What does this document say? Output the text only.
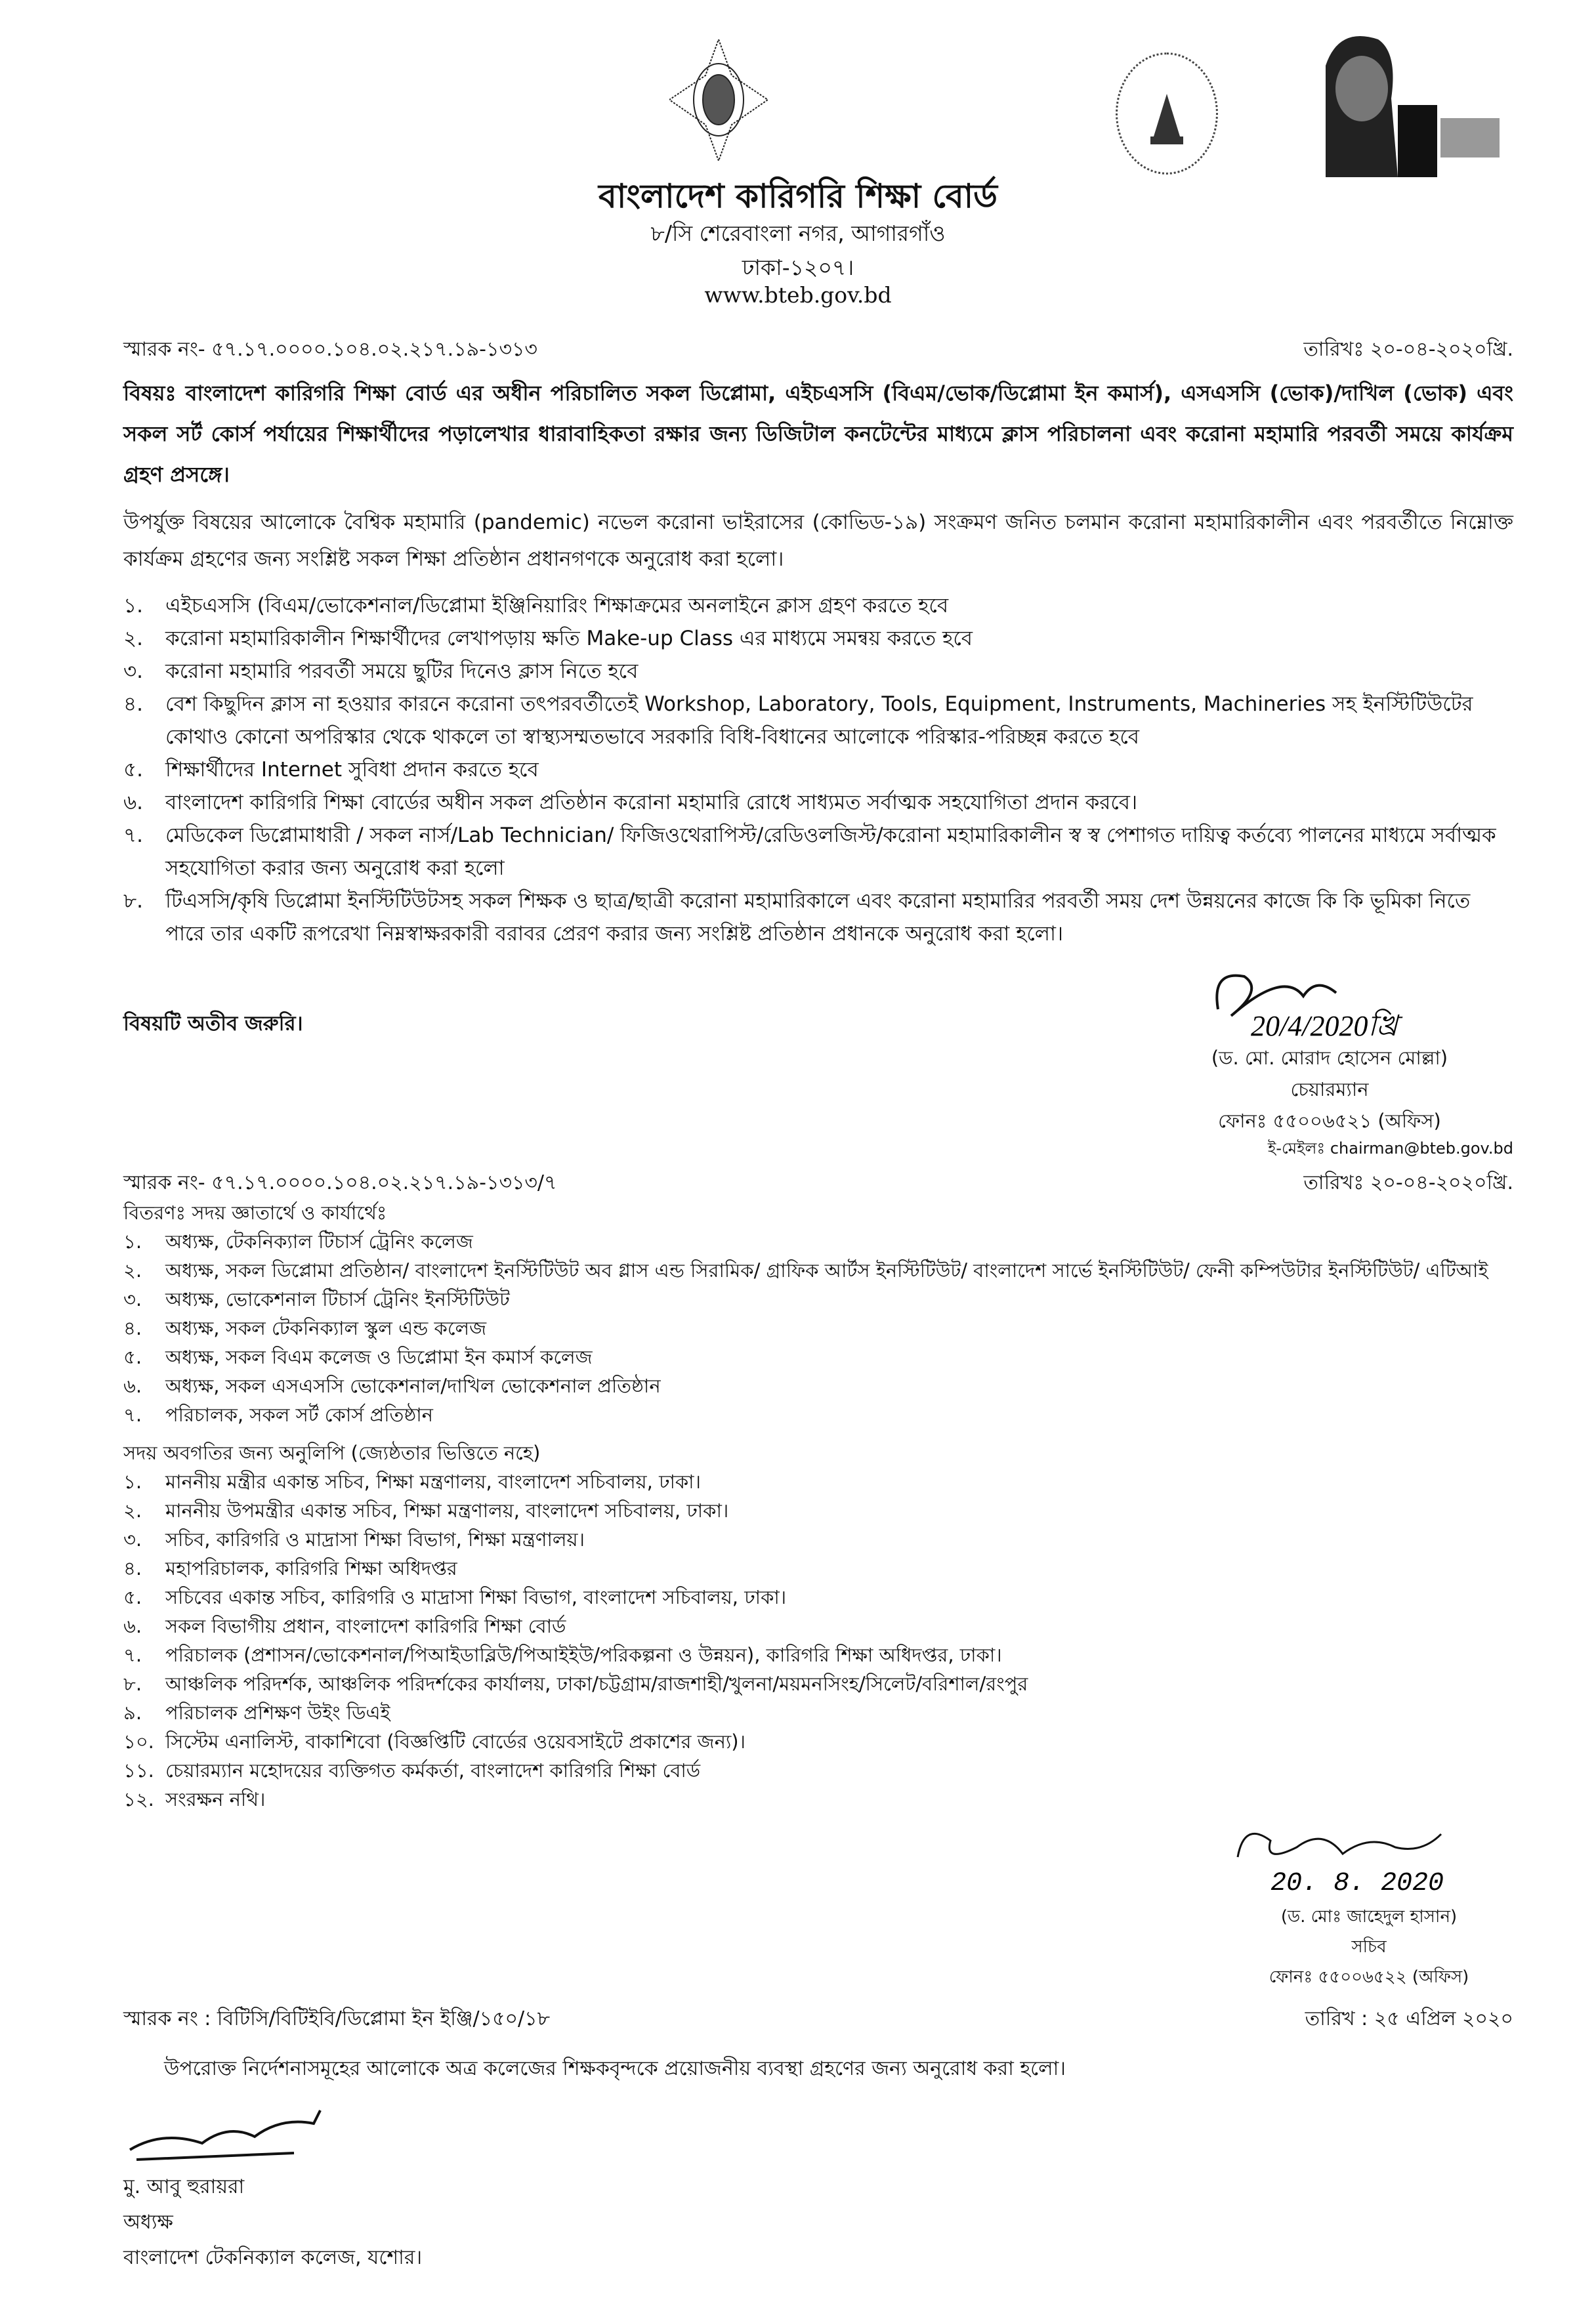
বাংলাদেশ কারিগরি শিক্ষা বোর্ড
৮/সি শেরেবাংলা নগর, আগারগাঁও
ঢাকা-১২০৭।
www.bteb.gov.bd
স্মারক নং- ৫৭.১৭.০০০০.১০৪.০২.২১৭.১৯-১৩১৩	তারিখঃ ২০-০৪-২০২০খ্রি.
বিষয়ঃ বাংলাদেশ কারিগরি শিক্ষা বোর্ড এর অধীন পরিচালিত সকল ডিপ্লোমা, এইচএসসি (বিএম/ভোক/ডিপ্লোমা ইন কমার্স), এসএসসি (ভোক)/দাখিল (ভোক) এবং সকল সর্ট কোর্স পর্যায়ের শিক্ষার্থীদের পড়ালেখার ধারাবাহিকতা রক্ষার জন্য ডিজিটাল কনটেন্টের মাধ্যমে ক্লাস পরিচালনা এবং করোনা মহামারি পরবর্তী সময়ে কার্যক্রম গ্রহণ প্রসঙ্গে।
উপর্যুক্ত বিষয়ের আলোকে বৈশ্বিক মহামারি (pandemic) নভেল করোনা ভাইরাসের (কোভিড-১৯) সংক্রমণ জনিত চলমান করোনা মহামারিকালীন এবং পরবর্তীতে নিম্নোক্ত কার্যক্রম গ্রহণের জন্য সংশ্লিষ্ট সকল শিক্ষা প্রতিষ্ঠান প্রধানগণকে অনুরোধ করা হলো।
১. এইচএসসি (বিএম/ভোকেশনাল/ডিপ্লোমা ইঞ্জিনিয়ারিং শিক্ষাক্রমের অনলাইনে ক্লাস গ্রহণ করতে হবে
২. করোনা মহামারিকালীন শিক্ষার্থীদের লেখাপড়ায় ক্ষতি Make-up Class এর মাধ্যমে সমন্বয় করতে হবে
৩. করোনা মহামারি পরবর্তী সময়ে ছুটির দিনেও ক্লাস নিতে হবে
৪. বেশ কিছুদিন ক্লাস না হওয়ার কারনে করোনা তৎপরবর্তীতেই Workshop, Laboratory, Tools, Equipment, Instruments, Machineries সহ ইনস্টিটিউটের কোথাও কোনো অপরিস্কার থেকে থাকলে তা স্বাস্থ্যসম্মতভাবে সরকারি বিধি-বিধানের আলোকে পরিস্কার-পরিচ্ছন্ন করতে হবে
৫. শিক্ষার্থীদের Internet সুবিধা প্রদান করতে হবে
৬. বাংলাদেশ কারিগরি শিক্ষা বোর্ডের অধীন সকল প্রতিষ্ঠান করোনা মহামারি রোধে সাধ্যমত সর্বাত্মক সহযোগিতা প্রদান করবে।
৭. মেডিকেল ডিপ্লোমাধারী / সকল নার্স/Lab Technician/ ফিজিওথেরাপিস্ট/রেডিওলজিস্ট/করোনা মহামারিকালীন স্ব স্ব পেশাগত দায়িত্ব কর্তব্যে পালনের মাধ্যমে সর্বাত্মক সহযোগিতা করার জন্য অনুরোধ করা হলো
৮. টিএসসি/কৃষি ডিপ্লোমা ইনস্টিটিউটসহ সকল শিক্ষক ও ছাত্র/ছাত্রী করোনা মহামারিকালে এবং করোনা মহামারির পরবর্তী সময় দেশ উন্নয়নের কাজে কি কি ভূমিকা নিতে পারে তার একটি রূপরেখা নিম্নস্বাক্ষরকারী বরাবর প্রেরণ করার জন্য সংশ্লিষ্ট প্রতিষ্ঠান প্রধানকে অনুরোধ করা হলো।
বিষয়টি অতীব জরুরি।	20/4/2020খ্রি
(ড. মো. মোরাদ হোসেন মোল্লা)
চেয়ারম্যান
ফোনঃ ৫৫০০৬৫২১ (অফিস)
ই-মেইলঃ chairman@bteb.gov.bd
স্মারক নং- ৫৭.১৭.০০০০.১০৪.০২.২১৭.১৯-১৩১৩/৭	তারিখঃ ২০-০৪-২০২০খ্রি.
বিতরণঃ সদয় জ্ঞাতার্থে ও কার্যার্থেঃ
১. অধ্যক্ষ, টেকনিক্যাল টিচার্স ট্রেনিং কলেজ
২. অধ্যক্ষ, সকল ডিপ্লোমা প্রতিষ্ঠান/ বাংলাদেশ ইনস্টিটিউট অব গ্লাস এন্ড সিরামিক/ গ্রাফিক আর্টস ইনস্টিটিউট/ বাংলাদেশ সার্ভে ইনস্টিটিউট/ ফেনী কম্পিউটার ইনস্টিটিউট/ এটিআই
৩. অধ্যক্ষ, ভোকেশনাল টিচার্স ট্রেনিং ইনস্টিটিউট
৪. অধ্যক্ষ, সকল টেকনিক্যাল স্কুল এন্ড কলেজ
৫. অধ্যক্ষ, সকল বিএম কলেজ ও ডিপ্লোমা ইন কমার্স কলেজ
৬. অধ্যক্ষ, সকল এসএসসি ভোকেশনাল/দাখিল ভোকেশনাল প্রতিষ্ঠান
৭. পরিচালক, সকল সর্ট কোর্স প্রতিষ্ঠান
সদয় অবগতির জন্য অনুলিপি (জ্যেষ্ঠতার ভিত্তিতে নহে)
১. মাননীয় মন্ত্রীর একান্ত সচিব, শিক্ষা মন্ত্রণালয়, বাংলাদেশ সচিবালয়, ঢাকা।
২. মাননীয় উপমন্ত্রীর একান্ত সচিব, শিক্ষা মন্ত্রণালয়, বাংলাদেশ সচিবালয়, ঢাকা।
৩. সচিব, কারিগরি ও মাদ্রাসা শিক্ষা বিভাগ, শিক্ষা মন্ত্রণালয়।
৪. মহাপরিচালক, কারিগরি শিক্ষা অধিদপ্তর
৫. সচিবের একান্ত সচিব, কারিগরি ও মাদ্রাসা শিক্ষা বিভাগ, বাংলাদেশ সচিবালয়, ঢাকা।
৬. সকল বিভাগীয় প্রধান, বাংলাদেশ কারিগরি শিক্ষা বোর্ড
৭. পরিচালক (প্রশাসন/ভোকেশনাল/পিআইডাব্লিউ/পিআইইউ/পরিকল্পনা ও উন্নয়ন), কারিগরি শিক্ষা অধিদপ্তর, ঢাকা।
৮. আঞ্চলিক পরিদর্শক, আঞ্চলিক পরিদর্শকের কার্যালয়, ঢাকা/চট্টগ্রাম/রাজশাহী/খুলনা/ময়মনসিংহ/সিলেট/বরিশাল/রংপুর
৯. পরিচালক প্রশিক্ষণ উইং ডিএই
১০. সিস্টেম এনালিস্ট, বাকাশিবো (বিজ্ঞপ্তিটি বোর্ডের ওয়েবসাইটে প্রকাশের জন্য)।
১১. চেয়ারম্যান মহোদয়ের ব্যক্তিগত কর্মকর্তা, বাংলাদেশ কারিগরি শিক্ষা বোর্ড
১২. সংরক্ষন নথি।
20. 8. 2020
(ড. মোঃ জাহেদুল হাসান)
সচিব
ফোনঃ ৫৫০০৬৫২২ (অফিস)
স্মারক নং : বিটিসি/বিটিইবি/ডিপ্লোমা ইন ইঞ্জি/১৫০/১৮	তারিখ : ২৫ এপ্রিল ২০২০
উপরোক্ত নির্দেশনাসমূহের আলোকে অত্র কলেজের শিক্ষকবৃন্দকে প্রয়োজনীয় ব্যবস্থা গ্রহণের জন্য অনুরোধ করা হলো।
মু. আবু হুরায়রা
অধ্যক্ষ
বাংলাদেশ টেকনিক্যাল কলেজ, যশোর।
